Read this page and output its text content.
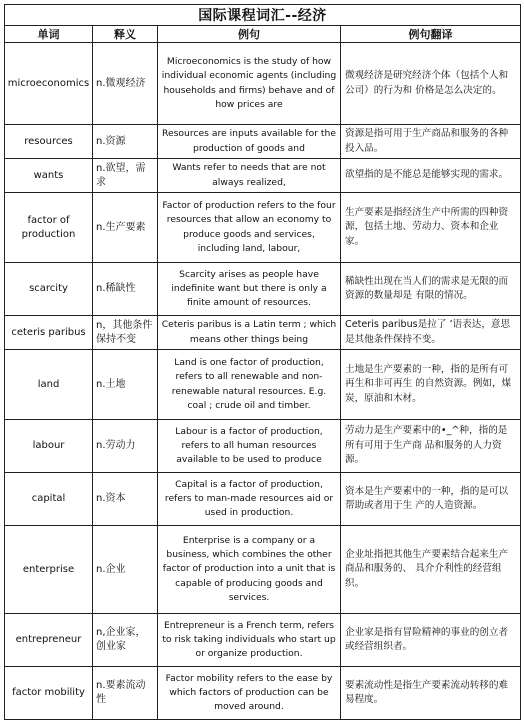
国际课程词汇--经济			
单词	释义	例句	例句翻译
microeconomics	n.微观经济	Microeconomics is the study of how individual economic agents (including households and firms) behave and of how prices are	微观经济是研究经济个体（包括个人和公司）的行为和 价格是怎么决定的。
resources	n.资源	Resources are inputs available for the production of goods and	资源是指可用于生产商品和服务的各种投入品。
wants	n.欲望，需求	Wants refer to needs that are not always realized,	欲望指的是不能总是能够实现的需求。
factor of production	n.生产要素	Factor of production refers to the four resources that allow an economy to produce goods and services, including land, labour,	生产要素是指经济生产中所需的四种资源，包括土地、劳动力、资本和企业家。
scarcity	n.稀缺性	Scarcity arises as people have indefinite want but there is only a finite amount of resources.	稀缺性出现在当人们的需求是无限的而资源的数量却是 有限的情况。
ceteris paribus	n，其他条件保持不变	Ceteris paribus is a Latin term ; which means other things being	Ceteris paribus是拉了 ’语表达，意思是其他条件保持不变。
land	n.土地	Land is one factor of production, refers to all renewable and non-renewable natural resources. E.g. coal ; crude oil and timber.	土地是生产要素的一种，指的是所有可再生和非可再生 的自然资源。例如，煤炭，原油和木材。
labour	n.劳动力	Labour is a factor of production, refers to all human resources available to be used to produce	劳动力是生产要素中的•_^种，指的是所有可用于生产商 品和服务的人力资源。
capital	n.资本	Capital is a factor of production, refers to man-made resources aid or used in production.	资本是生产要素中的一种，指的是可以帮助或者用于生 产的人造资源。
enterprise	n.企业	Enterprise is a company or a business, which combines the other factor of production into a unit that is capable of producing goods and services.	企业址指把其他生产要素结合起来生产商品和服务的、 具介介利性的经营组织。
entrepreneur	n,企业家，创业家	Entrepreneur is a French term, refers to risk taking individuals who start up or organize production.	企业家是指有冒险精神的事业的创立者或经营组织者。
factor mobility	n.要素流动性	Factor mobility refers to the ease by which factors of production can be moved around.	要素流动性是指生产要素流动转移的难易程度。
